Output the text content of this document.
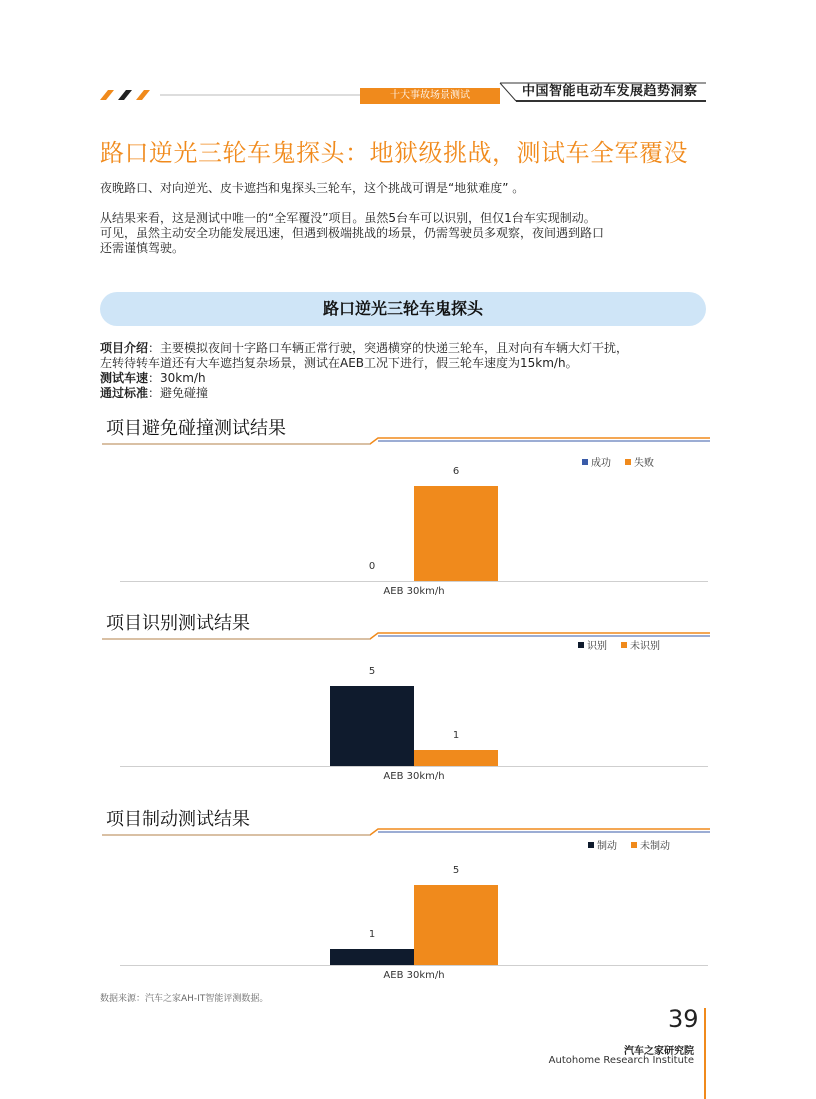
十大事故场景测试	中国智能电动车发展趋势洞察
路口逆光三轮车鬼探头：地狱级挑战，测试车全军覆没
夜晚路口、对向逆光、皮卡遮挡和鬼探头三轮车，这个挑战可谓是“地狱难度” 。
从结果来看，这是测试中唯一的“全军覆没”项目。虽然5台车可以识别，但仅1台车实现制动。
可见，虽然主动安全功能发展迅速，但遇到极端挑战的场景，仍需驾驶员多观察，夜间遇到路口
还需谨慎驾驶。
路口逆光三轮车鬼探头
项目介绍：主要模拟夜间十字路口车辆正常行驶，突遇横穿的快递三轮车，且对向有车辆大灯干扰，
左转待转车道还有大车遮挡复杂场景，测试在AEB工况下进行，假三轮车速度为15km/h。
测试车速：30km/h
通过标准：避免碰撞
项目避免碰撞测试结果
成功	失败
0
6
AEB 30km/h
项目识别测试结果
识别	未识别
5
1
AEB 30km/h
项目制动测试结果
制动	未制动
1
5
AEB 30km/h
数据来源：汽车之家AH-IT智能评测数据。
39
汽车之家研究院
Autohome Research Institute
